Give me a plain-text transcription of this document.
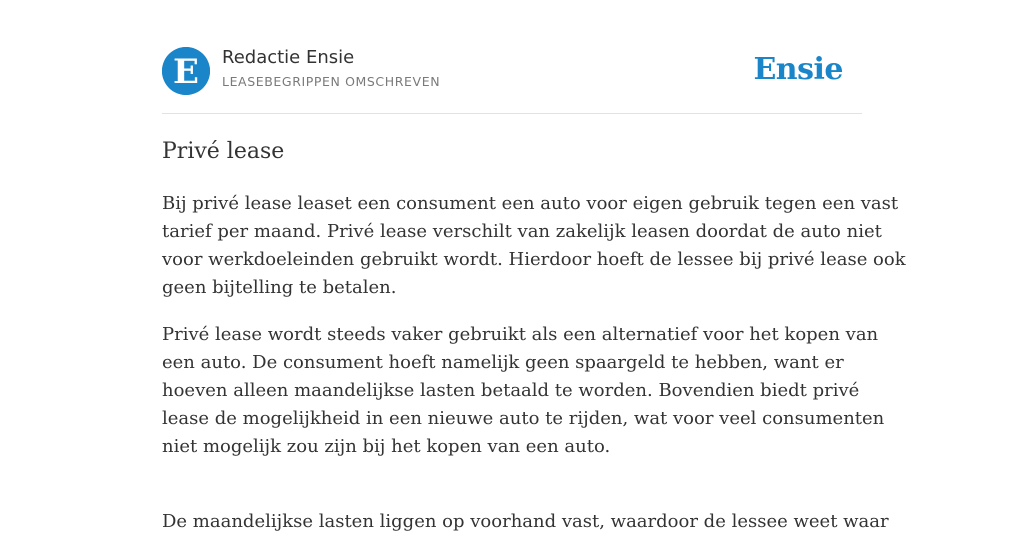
E Redactie Ensie
LEASEBEGRIPPEN OMSCHREVEN	Ensie
Privé lease

Bij privé lease leaset een consument een auto voor eigen gebruik tegen een vast
tarief per maand. Privé lease verschilt van zakelijk leasen doordat de auto niet
voor werkdoeleinden gebruikt wordt. Hierdoor hoeft de lessee bij privé lease ook
geen bijtelling te betalen.

Privé lease wordt steeds vaker gebruikt als een alternatief voor het kopen van
een auto. De consument hoeft namelijk geen spaargeld te hebben, want er
hoeven alleen maandelijkse lasten betaald te worden. Bovendien biedt privé
lease de mogelijkheid in een nieuwe auto te rijden, wat voor veel consumenten
niet mogelijk zou zijn bij het kopen van een auto.

De maandelijkse lasten liggen op voorhand vast, waardoor de lessee weet waar
